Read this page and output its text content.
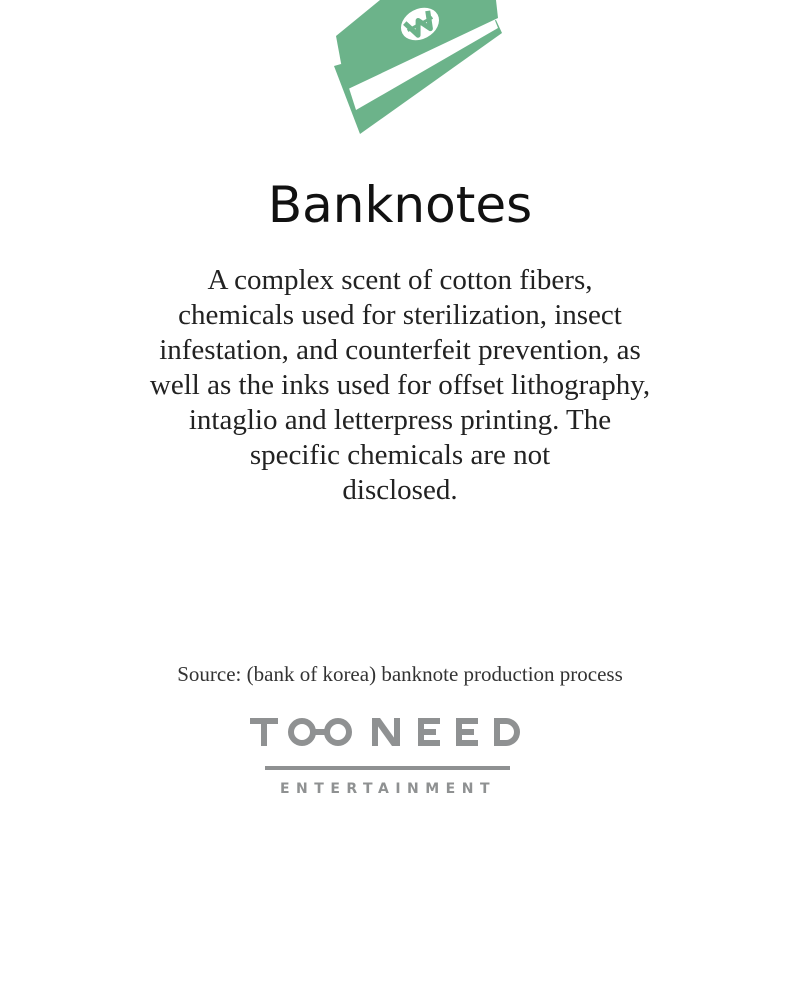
Banknotes

A complex scent of cotton fibers,
chemicals used for sterilization, insect
infestation, and counterfeit prevention, as
well as the inks used for offset lithography,
intaglio and letterpress printing. The
specific chemicals are not
disclosed.

Source: (bank of korea) banknote production process

ENTERTAINMENT
